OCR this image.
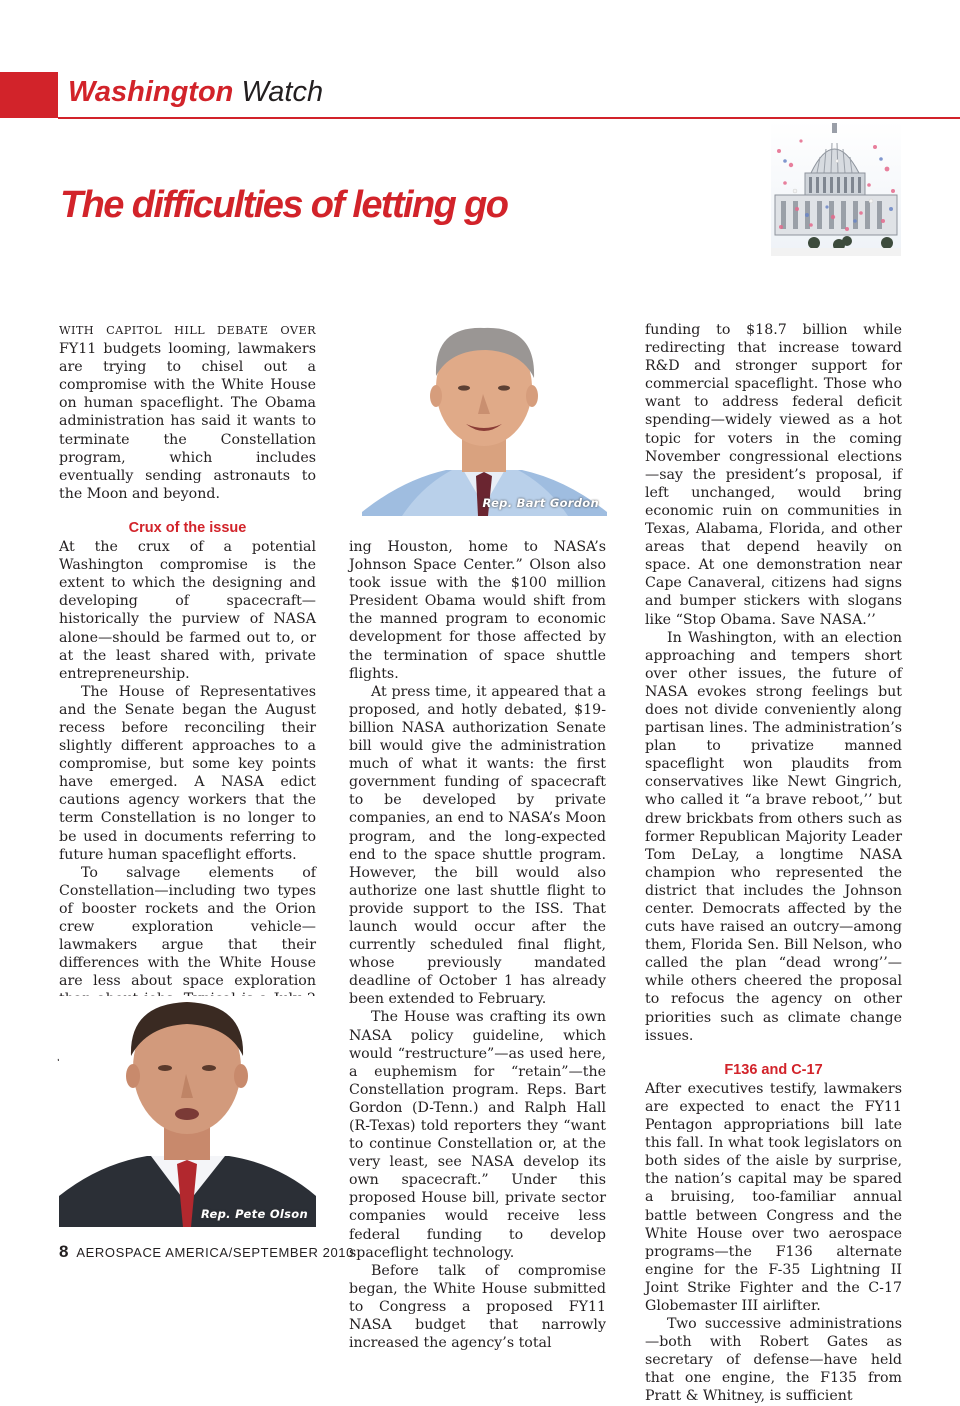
Washington Watch
The difficulties of letting go

WITH CAPITOL HILL DEBATE OVER FY11 budgets looming, lawmakers are trying to chisel out a compromise with the White House on human spaceflight. The Obama administration has said it wants to terminate the Constellation program, which includes eventually sending astronauts to the Moon and beyond.

Crux of the issue

At the crux of a potential Washington compromise is the extent to which the designing and developing of spacecraft—historically the purview of NASA alone—should be farmed out to, or at the least shared with, private entrepreneurship.

The House of Representatives and the Senate began the August recess before reconciling their slightly different approaches to a compromise, but some key points have emerged. A NASA edict cautions agency workers that the term Constellation is no longer to be used in documents referring to future human spaceflight efforts.

To salvage elements of Constellation—including two types of booster rockets and the Orion crew exploration vehicle—lawmakers argue that their differences with the White House are less about space exploration

Rep. Pete Olson
Rep. Bart Gordon

ing Houston, home to NASA’s Johnson Space Center.” Olson also took issue with the $100 million President Obama would shift from the manned program to economic development for those affected by the termination of space shuttle flights.

At press time, it appeared that a proposed, and hotly debated, $19-billion NASA authorization Senate bill would give the administration much of what it wants: the first government funding of spacecraft to be developed by private companies, an end to NASA’s Moon program, and the long-expected end to the space shuttle program. However, the bill would also authorize one last shuttle flight to provide support to the ISS. That launch would occur after the currently scheduled final flight, whose previously mandated deadline of October 1 has already been extended to February.

The House was crafting its own NASA policy guideline, which would “restructure”—as used here, a euphemism for “retain”—the Constellation program. Reps. Bart Gordon (D-Tenn.) and Ralph Hall (R-Texas) told reporters they “want to continue Constellation or, at the very least, see NASA develop its own spacecraft.” Under this proposed House bill, private sector companies would receive less federal funding to develop spaceflight technology.

Before talk of compromise began, the White House submitted to Congress a proposed FY11 NASA budget that narrowly increased the agency’s total

funding to $18.7 billion while redirecting that increase toward R&D and stronger support for commercial spaceflight. Those who want to address federal deficit spending—widely viewed as a hot topic for voters in the coming November congressional elections—say the president’s proposal, if left unchanged, would bring economic ruin on communities in Texas, Alabama, Florida, and other areas that depend heavily on space. At one demonstration near Cape Canaveral, citizens had signs and bumper stickers with slogans like “Stop Obama. Save NASA.’’

In Washington, with an election approaching and tempers short over other issues, the future of NASA evokes strong feelings but does not divide conveniently along partisan lines. The administration’s plan to privatize manned spaceflight won plaudits from conservatives like Newt Gingrich, who called it “a brave reboot,’’ but drew brickbats from others such as former Republican Majority Leader Tom DeLay, a longtime NASA champion who represented the district that includes the Johnson center. Democrats affected by the cuts have raised an outcry—among them, Florida Sen. Bill Nelson, who called the plan “dead wrong’’—while others cheered the proposal to refocus the agency on other priorities such as climate change issues.

F136 and C-17

After executives testify, lawmakers are expected to enact the FY11 Pentagon appropriations bill late this fall. In what took legislators on both sides of the aisle by surprise, the nation’s capital may be spared a bruising, too-familiar annual battle between Congress and the White House over two aerospace programs—the F136 alternate engine for the F-35 Lightning II Joint Strike Fighter and the C-17 Globemaster III airlifter.

Two successive administrations—both with Robert Gates as secretary of defense—have held that one engine, the F135 from Pratt & Whitney, is sufficient

8 AEROSPACE AMERICA/SEPTEMBER 2010
